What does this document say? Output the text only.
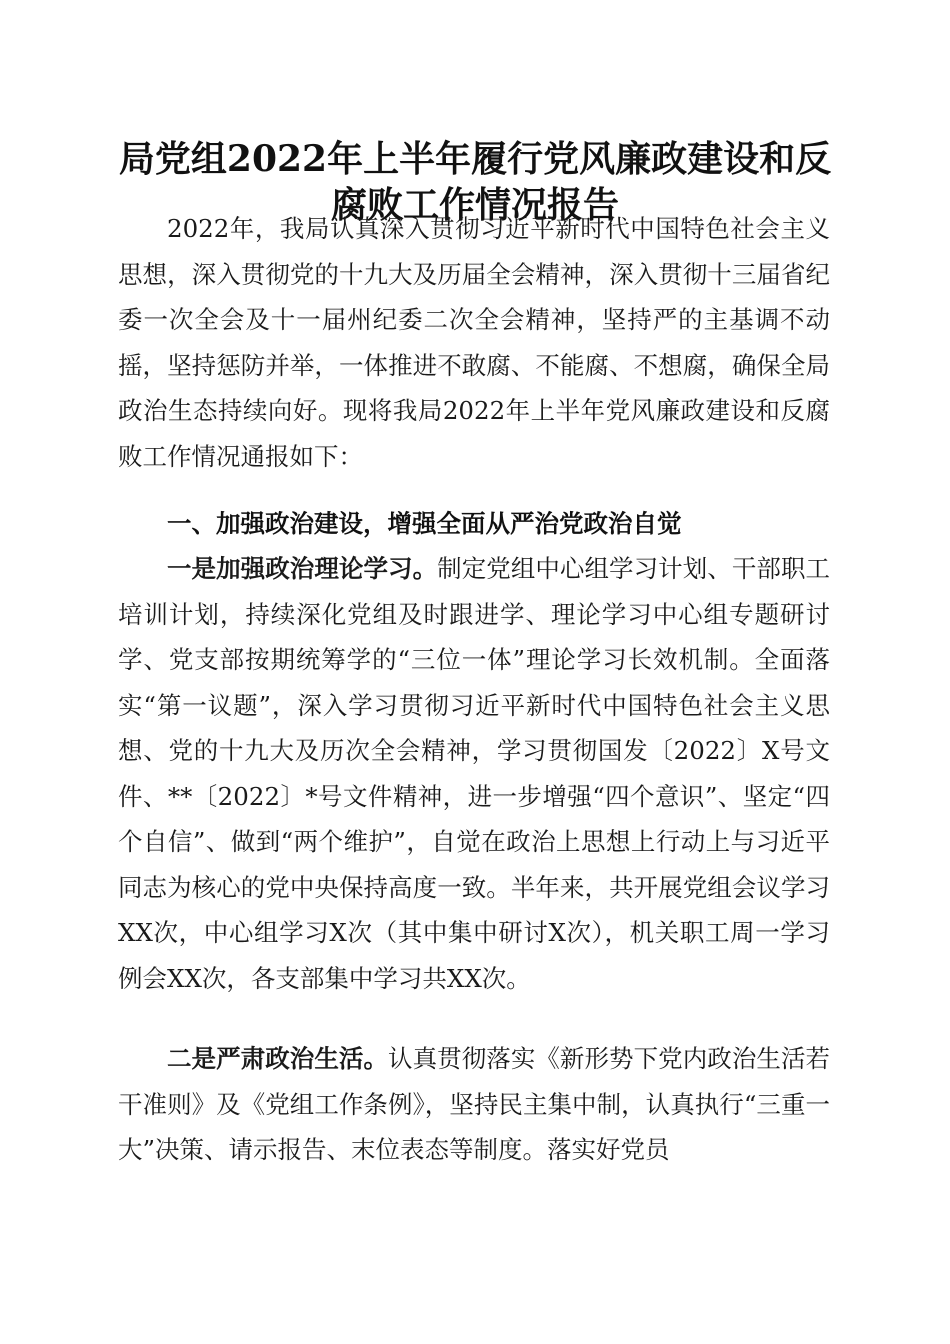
局党组2022年上半年履行党风廉政建设和反腐败工作情况报告

2022年，我局认真深入贯彻习近平新时代中国特色社会主义思想，深入贯彻党的十九大及历届全会精神，深入贯彻十三届省纪委一次全会及十一届州纪委二次全会精神，坚持严的主基调不动摇，坚持惩防并举，一体推进不敢腐、不能腐、不想腐，确保全局政治生态持续向好。现将我局2022年上半年党风廉政建设和反腐败工作情况通报如下：

一、加强政治建设，增强全面从严治党政治自觉

一是加强政治理论学习。制定党组中心组学习计划、干部职工培训计划，持续深化党组及时跟进学、理论学习中心组专题研讨学、党支部按期统筹学的“三位一体”理论学习长效机制。全面落实“第一议题”，深入学习贯彻习近平新时代中国特色社会主义思想、党的十九大及历次全会精神，学习贯彻国发〔2022〕X号文件、**〔2022〕*号文件精神，进一步增强“四个意识”、坚定“四个自信”、做到“两个维护”，自觉在政治上思想上行动上与习近平同志为核心的党中央保持高度一致。半年来，共开展党组会议学习XX次，中心组学习X次（其中集中研讨X次），机关职工周一学习例会XX次，各支部集中学习共XX次。

二是严肃政治生活。认真贯彻落实《新形势下党内政治生活若干准则》及《党组工作条例》，坚持民主集中制，认真执行“三重一大”决策、请示报告、末位表态等制度。落实好党员
